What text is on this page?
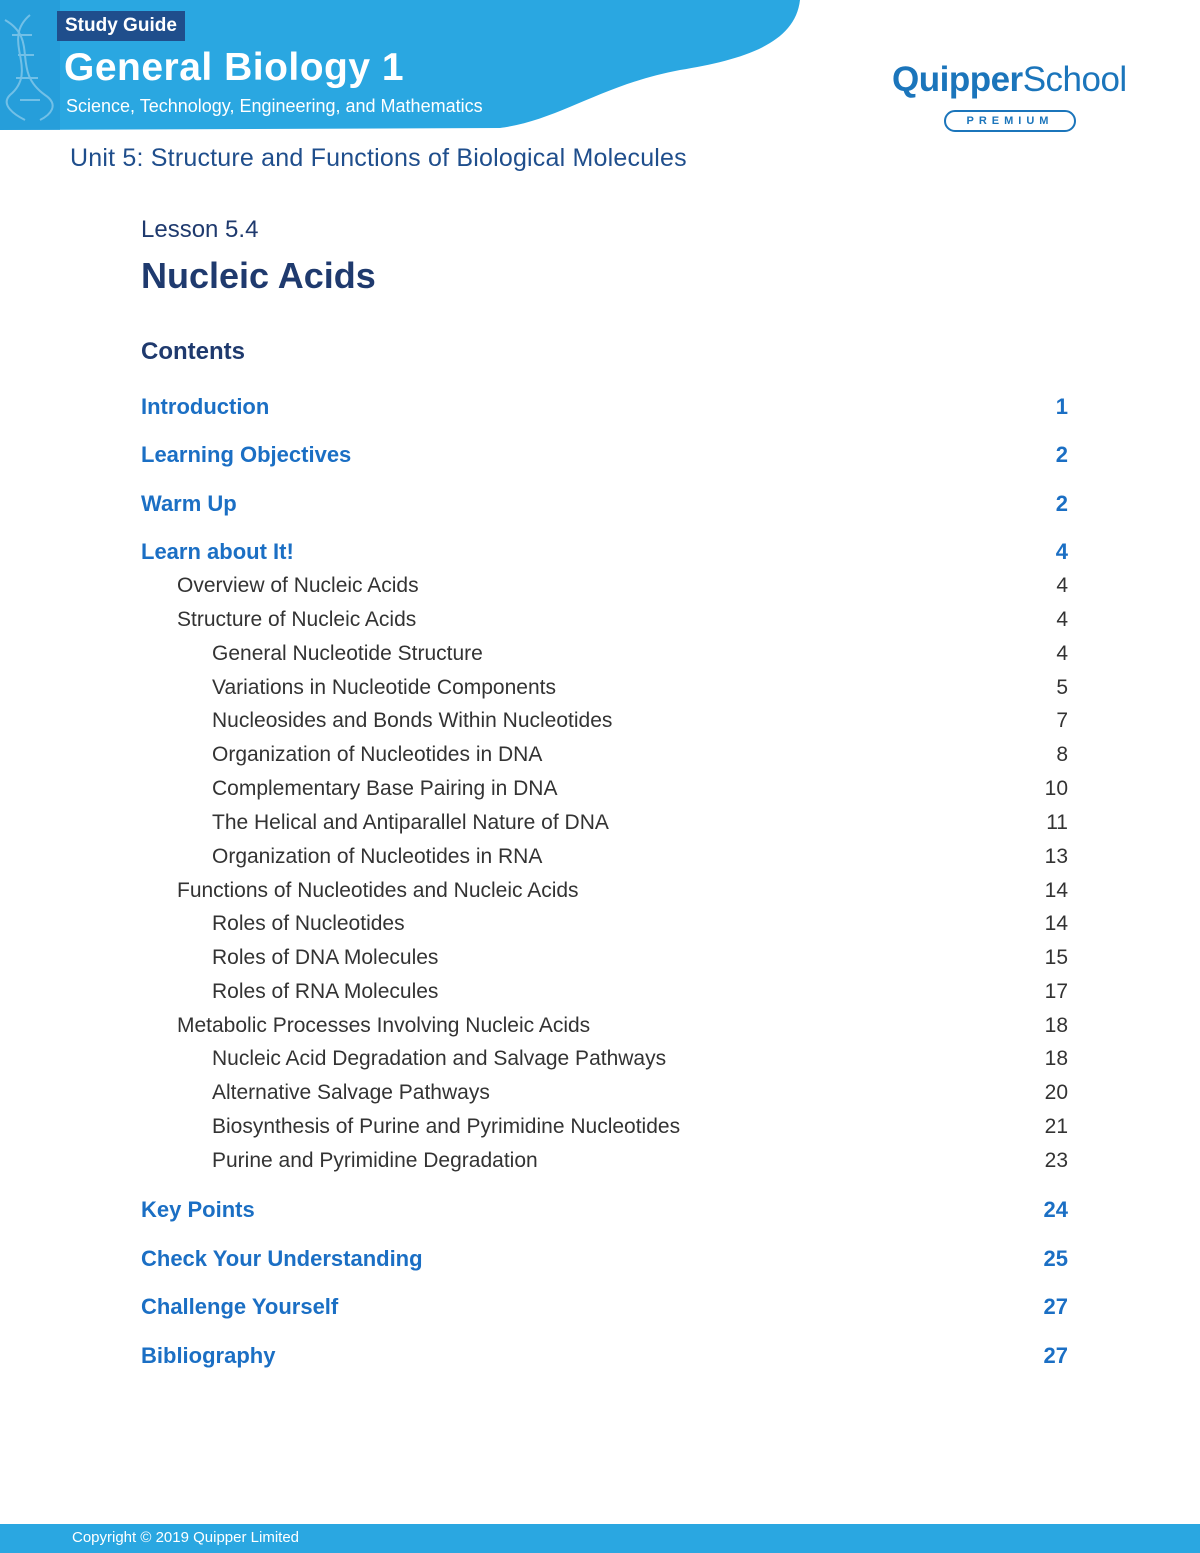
Study Guide
General Biology 1
Science, Technology, Engineering, and Mathematics
QuipperSchool
PREMIUM
Unit 5: Structure and Functions of Biological Molecules
Lesson 5.4
Nucleic Acids
Contents
Introduction	1
Learning Objectives	2
Warm Up	2
Learn about It!	4
Overview of Nucleic Acids	4
Structure of Nucleic Acids	4
General Nucleotide Structure	4
Variations in Nucleotide Components	5
Nucleosides and Bonds Within Nucleotides	7
Organization of Nucleotides in DNA	8
Complementary Base Pairing in DNA	10
The Helical and Antiparallel Nature of DNA	11
Organization of Nucleotides in RNA	13
Functions of Nucleotides and Nucleic Acids	14
Roles of Nucleotides	14
Roles of DNA Molecules	15
Roles of RNA Molecules	17
Metabolic Processes Involving Nucleic Acids	18
Nucleic Acid Degradation and Salvage Pathways	18
Alternative Salvage Pathways	20
Biosynthesis of Purine and Pyrimidine Nucleotides	21
Purine and Pyrimidine Degradation	23
Key Points	24
Check Your Understanding	25
Challenge Yourself	27
Bibliography	27
Copyright © 2019 Quipper Limited
